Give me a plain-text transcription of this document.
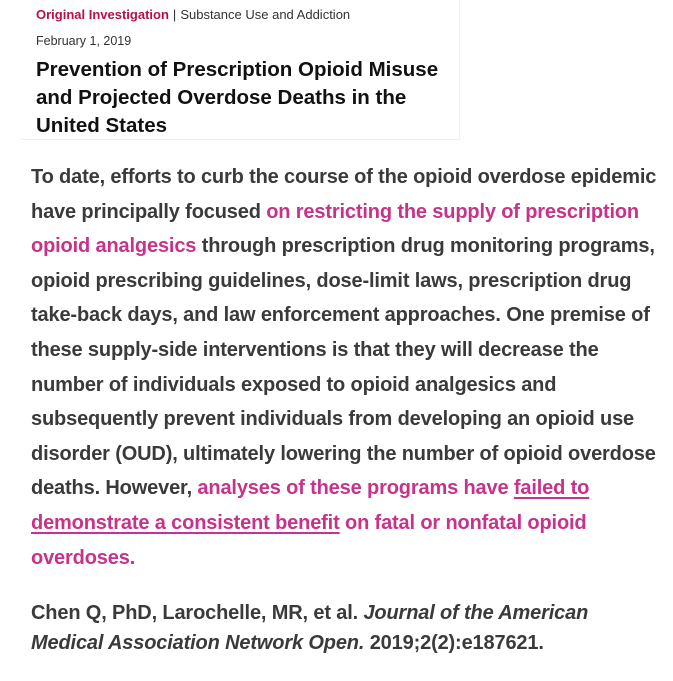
Original Investigation | Substance Use and Addiction
February 1, 2019
Prevention of Prescription Opioid Misuse and Projected Overdose Deaths in the United States

To date, efforts to curb the course of the opioid overdose epidemic have principally focused on restricting the supply of prescription opioid analgesics through prescription drug monitoring programs, opioid prescribing guidelines, dose-limit laws, prescription drug take-back days, and law enforcement approaches. One premise of these supply-side interventions is that they will decrease the number of individuals exposed to opioid analgesics and subsequently prevent individuals from developing an opioid use disorder (OUD), ultimately lowering the number of opioid overdose deaths. However, analyses of these programs have failed to demonstrate a consistent benefit on fatal or nonfatal opioid overdoses.

Chen Q, PhD, Larochelle, MR, et al. Journal of the American Medical Association Network Open. 2019;2(2):e187621.
